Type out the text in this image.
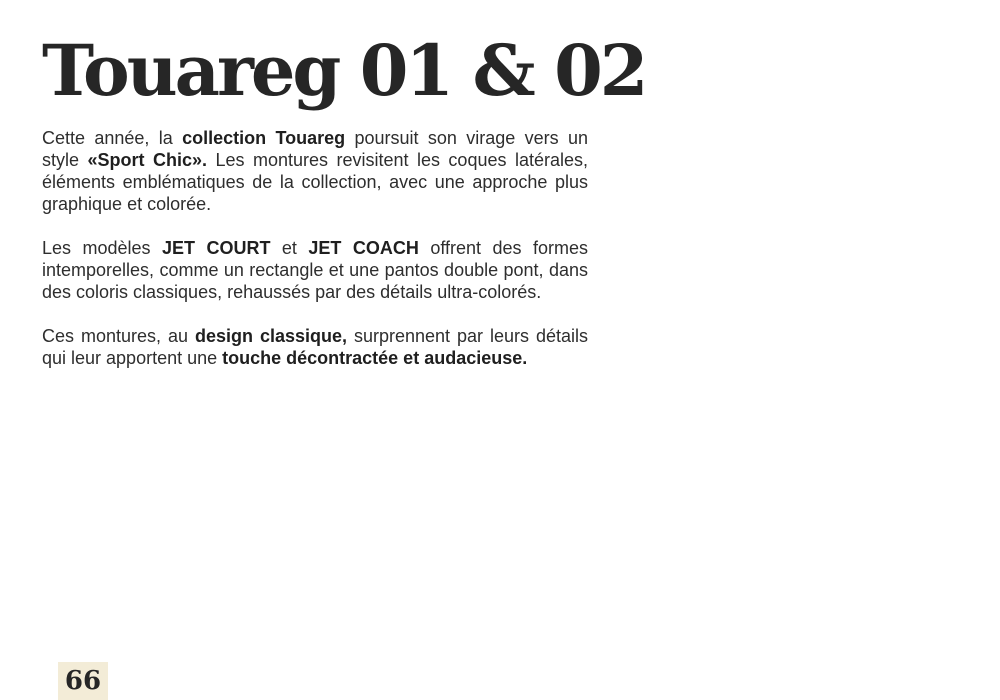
Touareg 01 & 02

Cette année, la collection Touareg poursuit son virage vers un style «Sport Chic». Les montures revisitent les coques latérales, éléments emblématiques de la collection, avec une approche plus graphique et colorée.

Les modèles JET COURT et JET COACH offrent des formes intemporelles, comme un rectangle et une pantos double pont, dans des coloris classiques, rehaussés par des détails ultra-colorés.

Ces montures, au design classique, surprennent par leurs détails qui leur apportent une touche décontractée et audacieuse.

66
